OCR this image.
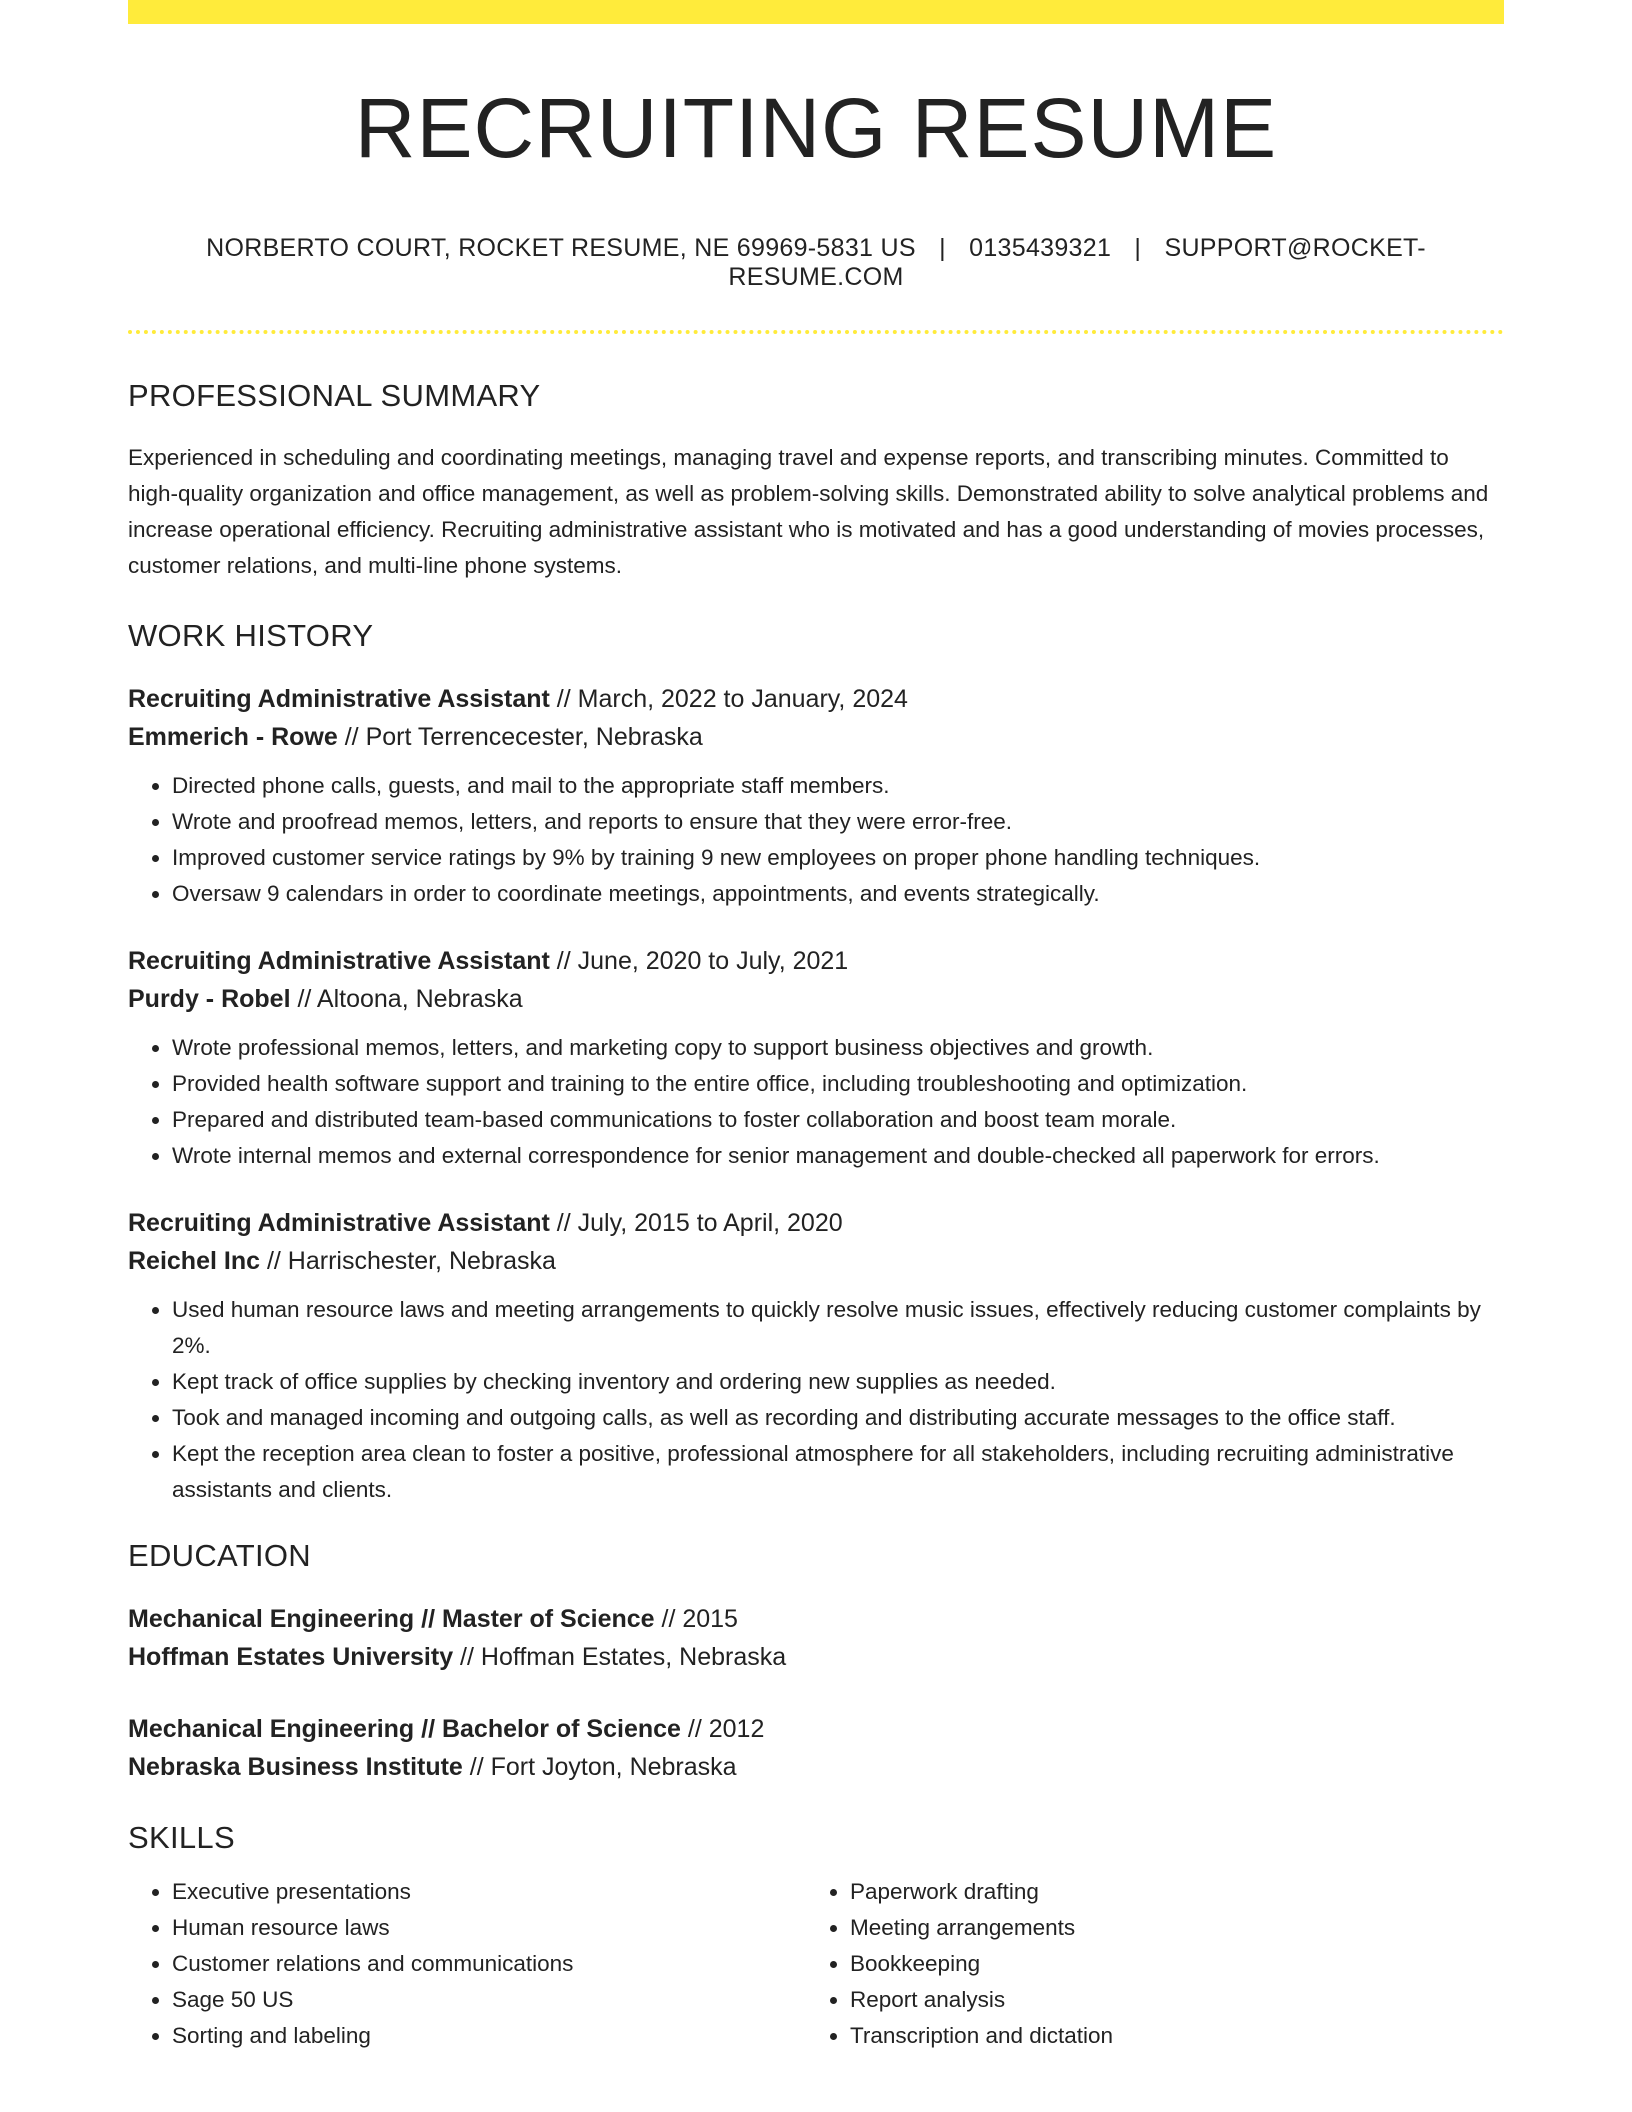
RECRUITING RESUME
NORBERTO COURT, ROCKET RESUME, NE 69969-5831 US | 0135439321 | SUPPORT@ROCKET-RESUME.COM
PROFESSIONAL SUMMARY

Experienced in scheduling and coordinating meetings, managing travel and expense reports, and transcribing minutes. Committed to high-quality organization and office management, as well as problem-solving skills. Demonstrated ability to solve analytical problems and increase operational efficiency. Recruiting administrative assistant who is motivated and has a good understanding of movies processes, customer relations, and multi-line phone systems.

WORK HISTORY
Recruiting Administrative Assistant // March, 2022 to January, 2024
Emmerich - Rowe // Port Terrencecester, Nebraska
• Directed phone calls, guests, and mail to the appropriate staff members.
• Wrote and proofread memos, letters, and reports to ensure that they were error-free.
• Improved customer service ratings by 9% by training 9 new employees on proper phone handling techniques.
• Oversaw 9 calendars in order to coordinate meetings, appointments, and events strategically.
Recruiting Administrative Assistant // June, 2020 to July, 2021
Purdy - Robel // Altoona, Nebraska
• Wrote professional memos, letters, and marketing copy to support business objectives and growth.
• Provided health software support and training to the entire office, including troubleshooting and optimization.
• Prepared and distributed team-based communications to foster collaboration and boost team morale.
• Wrote internal memos and external correspondence for senior management and double-checked all paperwork for errors.
Recruiting Administrative Assistant // July, 2015 to April, 2020
Reichel Inc // Harrischester, Nebraska
• Used human resource laws and meeting arrangements to quickly resolve music issues, effectively reducing customer complaints by 2%.
• Kept track of office supplies by checking inventory and ordering new supplies as needed.
• Took and managed incoming and outgoing calls, as well as recording and distributing accurate messages to the office staff.
• Kept the reception area clean to foster a positive, professional atmosphere for all stakeholders, including recruiting administrative assistants and clients.
EDUCATION
Mechanical Engineering // Master of Science // 2015
Hoffman Estates University // Hoffman Estates, Nebraska
Mechanical Engineering // Bachelor of Science // 2012
Nebraska Business Institute // Fort Joyton, Nebraska
SKILLS
• Executive presentations
• Human resource laws
• Customer relations and communications
• Sage 50 US
• Sorting and labeling
• Paperwork drafting
• Meeting arrangements
• Bookkeeping
• Report analysis
• Transcription and dictation
